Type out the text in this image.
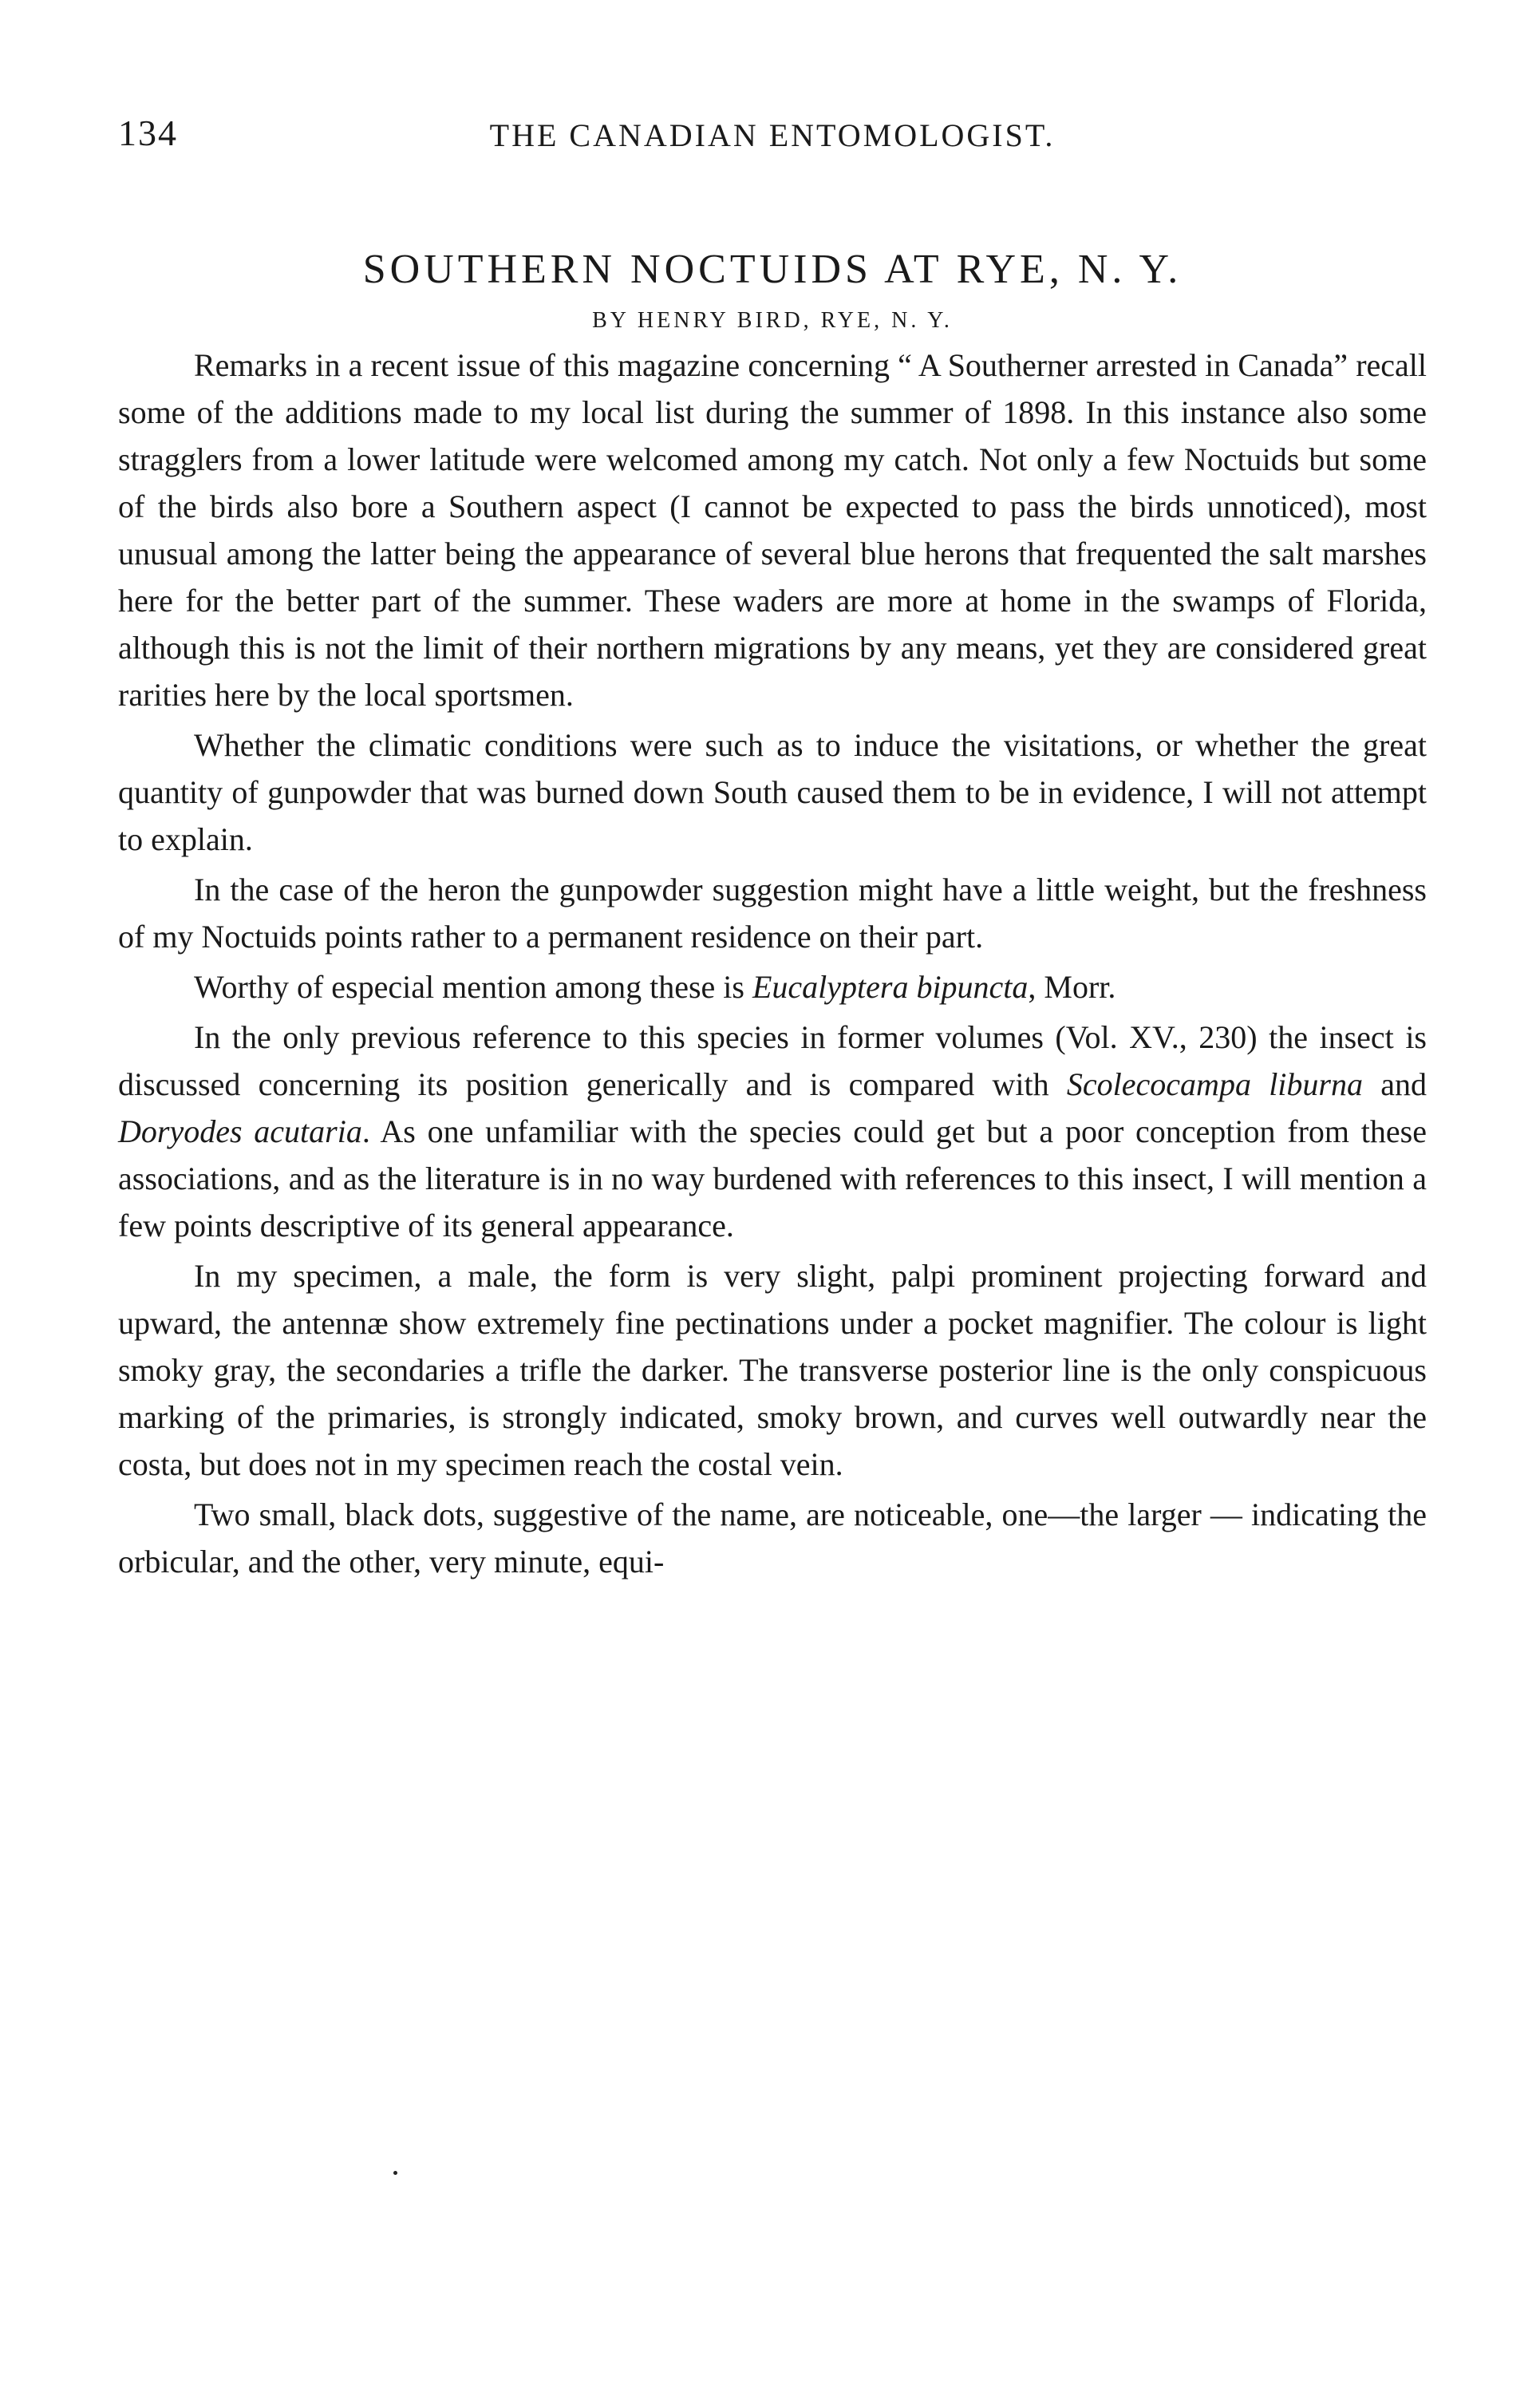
134	THE CANADIAN ENTOMOLOGIST.
SOUTHERN NOCTUIDS AT RYE, N. Y.
BY HENRY BIRD, RYE, N. Y.

Remarks in a recent issue of this magazine concerning “ A Southerner arrested in Canada” recall some of the additions made to my local list during the summer of 1898. In this instance also some stragglers from a lower latitude were welcomed among my catch. Not only a few Noctuids but some of the birds also bore a Southern aspect (I cannot be expected to pass the birds unnoticed), most unusual among the latter being the appearance of several blue herons that frequented the salt marshes here for the better part of the summer. These waders are more at home in the swamps of Florida, although this is not the limit of their northern migrations by any means, yet they are considered great rarities here by the local sportsmen.

Whether the climatic conditions were such as to induce the visitations, or whether the great quantity of gunpowder that was burned down South caused them to be in evidence, I will not attempt to explain.

In the case of the heron the gunpowder suggestion might have a little weight, but the freshness of my Noctuids points rather to a permanent residence on their part.

Worthy of especial mention among these is Eucalyptera bipuncta, Morr.

In the only previous reference to this species in former volumes (Vol. XV., 230) the insect is discussed concerning its position generically and is compared with Scolecocampa liburna and Doryodes acutaria. As one unfamiliar with the species could get but a poor conception from these associations, and as the literature is in no way burdened with references to this insect, I will mention a few points descriptive of its general appearance.

In my specimen, a male, the form is very slight, palpi prominent projecting forward and upward, the antennæ show extremely fine pectinations under a pocket magnifier. The colour is light smoky gray, the secondaries a trifle the darker. The transverse posterior line is the only conspicuous marking of the primaries, is strongly indicated, smoky brown, and curves well outwardly near the costa, but does not in my specimen reach the costal vein.

Two small, black dots, suggestive of the name, are noticeable, one—the larger — indicating the orbicular, and the other, very minute, equi-
